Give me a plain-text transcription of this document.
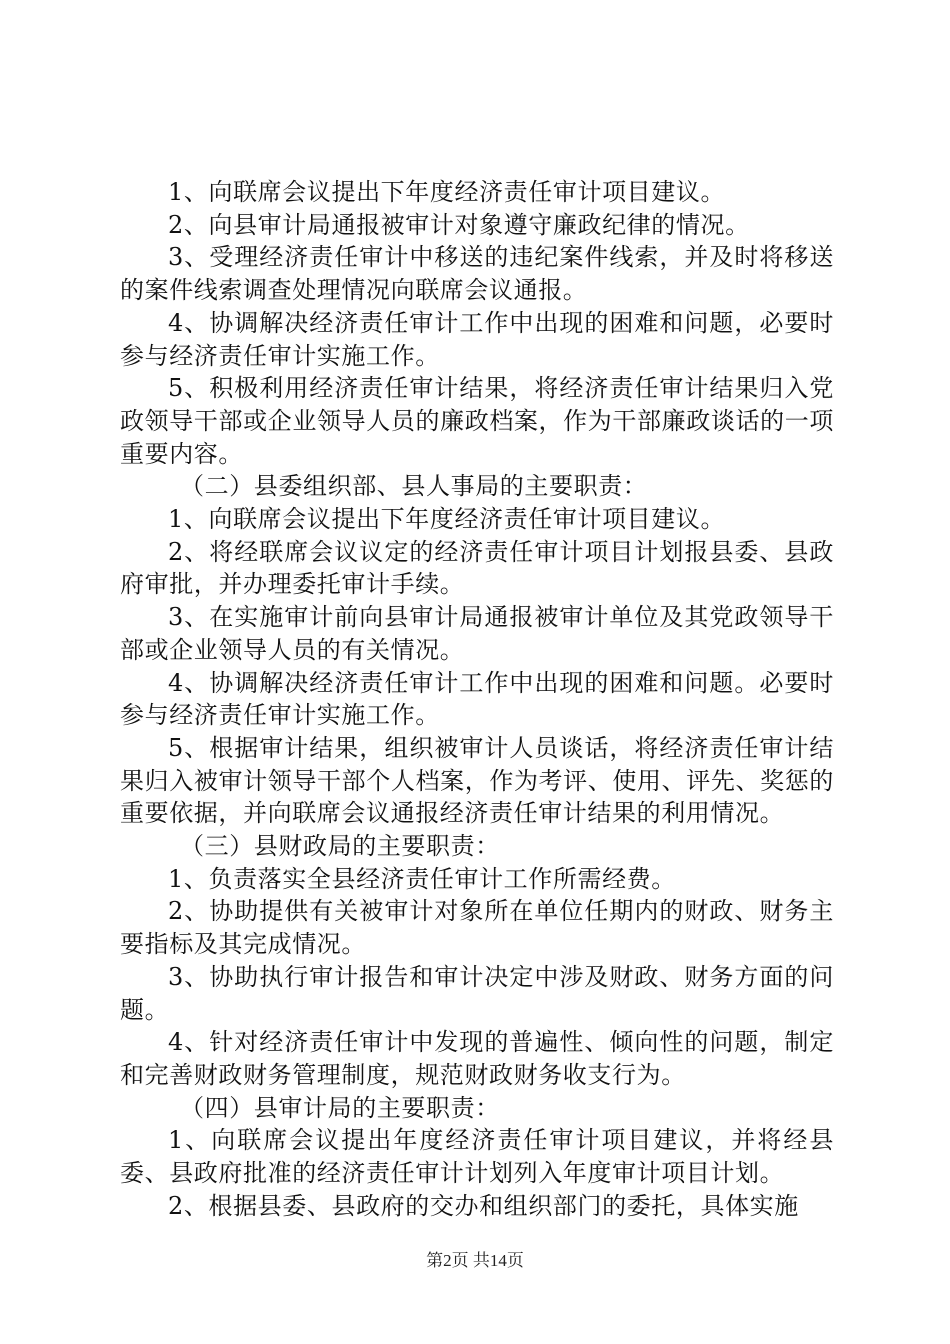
1、向联席会议提出下年度经济责任审计项目建议。

2、向县审计局通报被审计对象遵守廉政纪律的情况。

3、受理经济责任审计中移送的违纪案件线索，并及时将移送的案件线索调查处理情况向联席会议通报。

4、协调解决经济责任审计工作中出现的困难和问题，必要时参与经济责任审计实施工作。

5、积极利用经济责任审计结果，将经济责任审计结果归入党政领导干部或企业领导人员的廉政档案，作为干部廉政谈话的一项重要内容。

（二）县委组织部、县人事局的主要职责：

1、向联席会议提出下年度经济责任审计项目建议。

2、将经联席会议议定的经济责任审计项目计划报县委、县政府审批，并办理委托审计手续。

3、在实施审计前向县审计局通报被审计单位及其党政领导干部或企业领导人员的有关情况。

4、协调解决经济责任审计工作中出现的困难和问题。必要时参与经济责任审计实施工作。

5、根据审计结果，组织被审计人员谈话，将经济责任审计结果归入被审计领导干部个人档案，作为考评、使用、评先、奖惩的重要依据，并向联席会议通报经济责任审计结果的利用情况。

（三）县财政局的主要职责：

1、负责落实全县经济责任审计工作所需经费。

2、协助提供有关被审计对象所在单位任期内的财政、财务主要指标及其完成情况。

3、协助执行审计报告和审计决定中涉及财政、财务方面的问题。

4、针对经济责任审计中发现的普遍性、倾向性的问题，制定和完善财政财务管理制度，规范财政财务收支行为。

（四）县审计局的主要职责：

1、向联席会议提出年度经济责任审计项目建议，并将经县委、县政府批准的经济责任审计计划列入年度审计项目计划。

2、根据县委、县政府的交办和组织部门的委托，具体实施

第2页 共14页
